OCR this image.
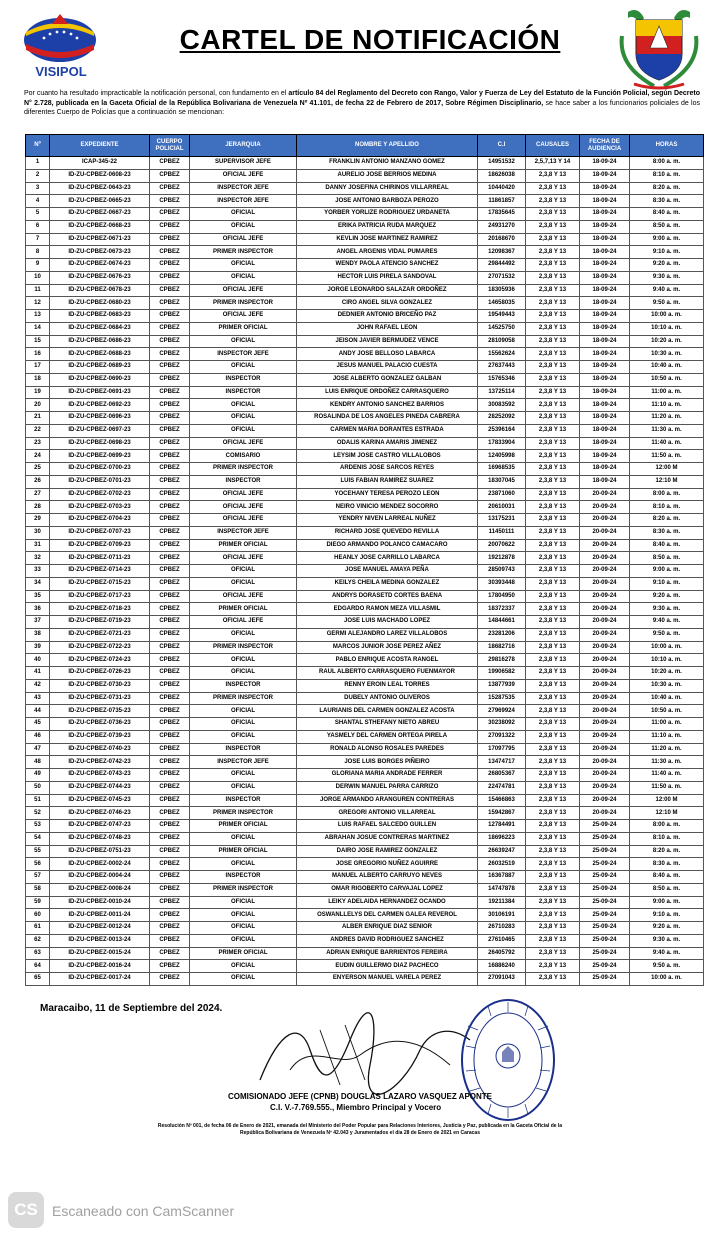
VISIPOL
CARTEL DE NOTIFICACIÓN
Por cuanto ha resultado impracticable la notificación personal, con fundamento en el artículo 84 del Reglamento del Decreto con Rango, Valor y Fuerza de Ley del Estatuto de la Función Policial, según Decreto N° 2.728, publicada en la Gaceta Oficial de la República Bolivariana de Venezuela Nº 41.101, de fecha 22 de Febrero de 2017, Sobre Régimen Disciplinario, se hace saber a los funcionarios policiales de los diferentes Cuerpo de Policías que a continuación se mencionan:
Nº	EXPEDIENTE	CUERPO POLICIAL	JERARQUIA	NOMBRE Y APELLIDO	C.I	CAUSALES	FECHA DE AUDIENCIA	HORAS
1	ICAP-345-22	CPBEZ	SUPERVISOR JEFE	FRANKLIN ANTONIO MANZANO GOMEZ	14951532	2,5,7,13 Y 14	18-09-24	8:00 a. m.
2	ID-ZU-CPBEZ-0608-23	CPBEZ	OFICIAL JEFE	AURELIO JOSE BERRIOS MEDINA	18626038	2,3,8 Y 13	18-09-24	8:10 a. m.
3	ID-ZU-CPBEZ-0643-23	CPBEZ	INSPECTOR JEFE	DANNY JOSEFINA CHIRINOS VILLARREAL	10440420	2,3,8 Y 13	18-09-24	8:20 a. m.
4	ID-ZU-CPBEZ-0665-23	CPBEZ	INSPECTOR JEFE	JOSE ANTONIO BARBOZA PEROZO	11861857	2,3,8 Y 13	18-09-24	8:30 a. m.
5	ID-ZU-CPBEZ-0667-23	CPBEZ	OFICIAL	YORBER YORLIZE RODRIGUEZ URDANETA	17835645	2,3,8 Y 13	18-09-24	8:40 a. m.
6	ID-ZU-CPBEZ-0668-23	CPBEZ	OFICIAL	ERIKA PATRICIA RUDA MARQUEZ	24931270	2,3,8 Y 13	18-09-24	8:50 a. m.
7	ID-ZU-CPBEZ-0671-23	CPBEZ	OFICIAL JEFE	KEVLIN JOSE MARTINEZ RAMIREZ	20168670	2,3,8 Y 13	18-09-24	9:00 a. m.
8	ID-ZU-CPBEZ-0673-23	CPBEZ	PRIMER INSPECTOR	ANGEL ARGENIS VIDAL PUMARES	12098367	2,3,8 Y 13	18-09-24	9:10 a. m.
9	ID-ZU-CPBEZ-0674-23	CPBEZ	OFICIAL	WENDY PAOLA ATENCIO SANCHEZ	29844492	2,3,8 Y 13	18-09-24	9:20 a. m.
10	ID-ZU-CPBEZ-0676-23	CPBEZ	OFICIAL	HECTOR LUIS PIRELA SANDOVAL	27071532	2,3,8 Y 13	18-09-24	9:30 a. m.
11	ID-ZU-CPBEZ-0678-23	CPBEZ	OFICIAL JEFE	JORGE LEONARDO SALAZAR ORDOÑEZ	18305936	2,3,8 Y 13	18-09-24	9:40 a. m.
12	ID-ZU-CPBEZ-0680-23	CPBEZ	PRIMER INSPECTOR	CIRO ANGEL SILVA GONZALEZ	14658035	2,3,8 Y 13	18-09-24	9:50 a. m.
13	ID-ZU-CPBEZ-0683-23	CPBEZ	OFICIAL JEFE	DEDNIER ANTONIO BRICEÑO PAZ	19549443	2,3,8 Y 13	18-09-24	10:00 a. m.
14	ID-ZU-CPBEZ-0684-23	CPBEZ	PRIMER OFICIAL	JOHN RAFAEL LEON	14525750	2,3,8 Y 13	18-09-24	10:10 a. m.
15	ID-ZU-CPBEZ-0686-23	CPBEZ	OFICIAL	JEISON JAVIER BERMUDEZ VENCE	28109058	2,3,8 Y 13	18-09-24	10:20 a. m.
16	ID-ZU-CPBEZ-0688-23	CPBEZ	INSPECTOR JEFE	ANDY JOSE BELLOSO LABARCA	15562624	2,3,8 Y 13	18-09-24	10:30 a. m.
17	ID-ZU-CPBEZ-0689-23	CPBEZ	OFICIAL	JESUS MANUEL PALACIO CUESTA	27637443	2,3,8 Y 13	18-09-24	10:40 a. m.
18	ID-ZU-CPBEZ-0690-23	CPBEZ	INSPECTOR	JOSE ALBERTO GONZALEZ GALBAN	15765346	2,3,8 Y 13	18-09-24	10:50 a. m.
19	ID-ZU-CPBEZ-0691-23	CPBEZ	INSPECTOR	LUIS ENRIQUE ORDOÑEZ CARRASQUERO	13725114	2,3,8 Y 13	18-09-24	11:00 a. m.
20	ID-ZU-CPBEZ-0692-23	CPBEZ	OFICIAL	KENDRY ANTONIO SANCHEZ BARRIOS	30083592	2,3,8 Y 13	18-09-24	11:10 a. m.
21	ID-ZU-CPBEZ-0696-23	CPBEZ	OFICIAL	ROSALINDA DE LOS ANGELES PINEDA CABRERA	28252092	2,3,8 Y 13	18-09-24	11:20 a. m.
22	ID-ZU-CPBEZ-0697-23	CPBEZ	OFICIAL	CARMEN MARIA DORANTES ESTRADA	25396164	2,3,8 Y 13	18-09-24	11:30 a. m.
23	ID-ZU-CPBEZ-0698-23	CPBEZ	OFICIAL JEFE	ODALIS KARINA AMARIS JIMENEZ	17833904	2,3,8 Y 13	18-09-24	11:40 a. m.
24	ID-ZU-CPBEZ-0699-23	CPBEZ	COMISARIO	LEYSIM JOSE CASTRO VILLALOBOS	12405998	2,3,8 Y 13	18-09-24	11:50 a. m.
25	ID-ZU-CPBEZ-0700-23	CPBEZ	PRIMER INSPECTOR	ARDENIS JOSE SARCOS REYES	16968535	2,3,8 Y 13	18-09-24	12:00 M
26	ID-ZU-CPBEZ-0701-23	CPBEZ	INSPECTOR	LUIS FABIAN RAMIREZ SUAREZ	18307045	2,3,8 Y 13	18-09-24	12:10 M
27	ID-ZU-CPBEZ-0702-23	CPBEZ	OFICIAL JEFE	YOCEHANY TERESA PEROZO LEON	23871060	2,3,8 Y 13	20-09-24	8:00 a. m.
28	ID-ZU-CPBEZ-0703-23	CPBEZ	OFICIAL JEFE	NEIRO VINICIO MENDEZ SOCORRO	20610031	2,3,8 Y 13	20-09-24	8:10 a. m.
29	ID-ZU-CPBEZ-0704-23	CPBEZ	OFICIAL JEFE	YENDRY NIVEN LARREAL NUÑEZ	13175231	2,3,8 Y 13	20-09-24	8:20 a. m.
30	ID-ZU-CPBEZ-0707-23	CPBEZ	INSPECTOR JEFE	RICHARD JOSE QUEVEDO REVILLA	11450111	2,3,8 Y 13	20-09-24	8:30 a. m.
31	ID-ZU-CPBEZ-0709-23	CPBEZ	PRIMER OFICIAL	DIEGO ARMANDO POLANCO CAMACARO	20070622	2,3,8 Y 13	20-09-24	8:40 a. m.
32	ID-ZU-CPBEZ-0711-23	CPBEZ	OFICIAL JEFE	HEANLY JOSE CARRILLO LABARCA	19212878	2,3,8 Y 13	20-09-24	8:50 a. m.
33	ID-ZU-CPBEZ-0714-23	CPBEZ	OFICIAL	JOSE MANUEL AMAYA PEÑA	28509743	2,3,8 Y 13	20-09-24	9:00 a. m.
34	ID-ZU-CPBEZ-0715-23	CPBEZ	OFICIAL	KEILYS CHEILA MEDINA GONZALEZ	30393448	2,3,8 Y 13	20-09-24	9:10 a. m.
35	ID-ZU-CPBEZ-0717-23	CPBEZ	OFICIAL JEFE	ANDRYS DORASETD CORTES BAENA	17804950	2,3,8 Y 13	20-09-24	9:20 a. m.
36	ID-ZU-CPBEZ-0718-23	CPBEZ	PRIMER OFICIAL	EDGARDO RAMON MEZA VILLASMIL	18372337	2,3,8 Y 13	20-09-24	9:30 a. m.
37	ID-ZU-CPBEZ-0719-23	CPBEZ	OFICIAL JEFE	JOSE LUIS MACHADO LOPEZ	14844661	2,3,8 Y 13	20-09-24	9:40 a. m.
38	ID-ZU-CPBEZ-0721-23	CPBEZ	OFICIAL	GERMI ALEJANDRO LAREZ VILLALOBOS	23281206	2,3,8 Y 13	20-09-24	9:50 a. m.
39	ID-ZU-CPBEZ-0722-23	CPBEZ	PRIMER INSPECTOR	MARCOS JUNIOR JOSE PEREZ AÑEZ	18682716	2,3,8 Y 13	20-09-24	10:00 a. m.
40	ID-ZU-CPBEZ-0724-23	CPBEZ	OFICIAL	PABLO ENRIQUE ACOSTA RANGEL	29816278	2,3,8 Y 13	20-09-24	10:10 a. m.
41	ID-ZU-CPBEZ-0726-23	CPBEZ	OFICIAL	RAUL ALBERTO CARRASQUERO FUENMAYOR	19906582	2,3,8 Y 13	20-09-24	10:20 a. m.
42	ID-ZU-CPBEZ-0730-23	CPBEZ	INSPECTOR	RENNY EROIN LEAL TORRES	13877939	2,3,8 Y 13	20-09-24	10:30 a. m.
43	ID-ZU-CPBEZ-0731-23	CPBEZ	PRIMER INSPECTOR	DUBELY ANTONIO OLIVEROS	15287535	2,3,8 Y 13	20-09-24	10:40 a. m.
44	ID-ZU-CPBEZ-0735-23	CPBEZ	OFICIAL	LAURIANIS DEL CARMEN GONZALEZ ACOSTA	27969924	2,3,8 Y 13	20-09-24	10:50 a. m.
45	ID-ZU-CPBEZ-0736-23	CPBEZ	OFICIAL	SHANTAL STHEFANY NIETO ABREU	30238092	2,3,8 Y 13	20-09-24	11:00 a. m.
46	ID-ZU-CPBEZ-0739-23	CPBEZ	OFICIAL	YASMELY DEL CARMEN ORTEGA PIRELA	27091322	2,3,8 Y 13	20-09-24	11:10 a. m.
47	ID-ZU-CPBEZ-0740-23	CPBEZ	INSPECTOR	RONALD ALONSO ROSALES PAREDES	17097795	2,3,8 Y 13	20-09-24	11:20 a. m.
48	ID-ZU-CPBEZ-0742-23	CPBEZ	INSPECTOR JEFE	JOSE LUIS BORGES PIÑEIRO	13474717	2,3,8 Y 13	20-09-24	11:30 a. m.
49	ID-ZU-CPBEZ-0743-23	CPBEZ	OFICIAL	GLORIANA MARIA ANDRADE FERRER	26805367	2,3,8 Y 13	20-09-24	11:40 a. m.
50	ID-ZU-CPBEZ-0744-23	CPBEZ	OFICIAL	DERWIN MANUEL PARRA CARRIZO	22474781	2,3,8 Y 13	20-09-24	11:50 a. m.
51	ID-ZU-CPBEZ-0745-23	CPBEZ	INSPECTOR	JORGE ARMANDO ARANGUREN CONTRERAS	15466863	2,3,8 Y 13	20-09-24	12:00 M
52	ID-ZU-CPBEZ-0746-23	CPBEZ	PRIMER INSPECTOR	GREGORI ANTONIO VILLARREAL	15942867	2,3,8 Y 13	20-09-24	12:10 M
53	ID-ZU-CPBEZ-0747-23	CPBEZ	PRIMER OFICIAL	LUIS RAFAEL SALCEDO GUILLEN	12784491	2,3,8 Y 13	25-09-24	8:00 a. m.
54	ID-ZU-CPBEZ-0748-23	CPBEZ	OFICIAL	ABRAHAN JOSUE CONTRERAS MARTINEZ	18696223	2,3,8 Y 13	25-09-24	8:10 a. m.
55	ID-ZU-CPBEZ-0751-23	CPBEZ	PRIMER OFICIAL	DAIRO JOSE RAMIREZ GONZALEZ	26639247	2,3,8 Y 13	25-09-24	8:20 a. m.
56	ID-ZU-CPBEZ-0002-24	CPBEZ	OFICIAL	JOSE GREGORIO NUÑEZ AGUIRRE	26032519	2,3,8 Y 13	25-09-24	8:30 a. m.
57	ID-ZU-CPBEZ-0004-24	CPBEZ	INSPECTOR	MANUEL ALBERTO CARRUYO NEVES	16367887	2,3,8 Y 13	25-09-24	8:40 a. m.
58	ID-ZU-CPBEZ-0008-24	CPBEZ	PRIMER INSPECTOR	OMAR RIGOBERTO CARVAJAL LOPEZ	14747878	2,3,8 Y 13	25-09-24	8:50 a. m.
59	ID-ZU-CPBEZ-0010-24	CPBEZ	OFICIAL	LEIKY ADELAIDA HERNANDEZ OCANDO	19211384	2,3,8 Y 13	25-09-24	9:00 a. m.
60	ID-ZU-CPBEZ-0011-24	CPBEZ	OFICIAL	OSWANLLELYS DEL CARMEN GALEA REVEROL	30106191	2,3,8 Y 13	25-09-24	9:10 a. m.
61	ID-ZU-CPBEZ-0012-24	CPBEZ	OFICIAL	ALBER ENRIQUE DIAZ SENIOR	26710283	2,3,8 Y 13	25-09-24	9:20 a. m.
62	ID-ZU-CPBEZ-0013-24	CPBEZ	OFICIAL	ANDRES DAVID RODRIGUEZ SANCHEZ	27610465	2,3,8 Y 13	25-09-24	9:30 a. m.
63	ID-ZU-CPBEZ-0015-24	CPBEZ	PRIMER OFICIAL	ADRIAN ENRIQUE BARRIENTOS FEREIRA	26405792	2,3,8 Y 13	25-09-24	9:40 a. m.
64	ID-ZU-CPBEZ-0016-24	CPBEZ	OFICIAL	EUDIN GUILLERMO DIAZ PACHECO	16886240	2,3,8 Y 13	25-09-24	9:50 a. m.
65	ID-ZU-CPBEZ-0017-24	CPBEZ	OFICIAL	ENYERSON MANUEL VARELA PEREZ	27091043	2,3,8 Y 13	25-09-24	10:00 a. m.
Maracaibo, 11 de Septiembre del 2024.
COMISIONADO JEFE (CPNB) DOUGLAS LAZARO VASQUEZ APONTE
C.I. V.-7.769.555., Miembro Principal y Vocero
Resolución Nº 001, de fecha 06 de Enero de 2021, emanada del Ministerio del Poder Popular para Relaciones Interiores, Justicia y Paz, publicada en la Gaceta Oficial de la República Bolivariana de Venezuela Nº 42.043 y Juramentados el día 28 de Enero de 2021 en Caracas
CS	Escaneado con CamScanner
